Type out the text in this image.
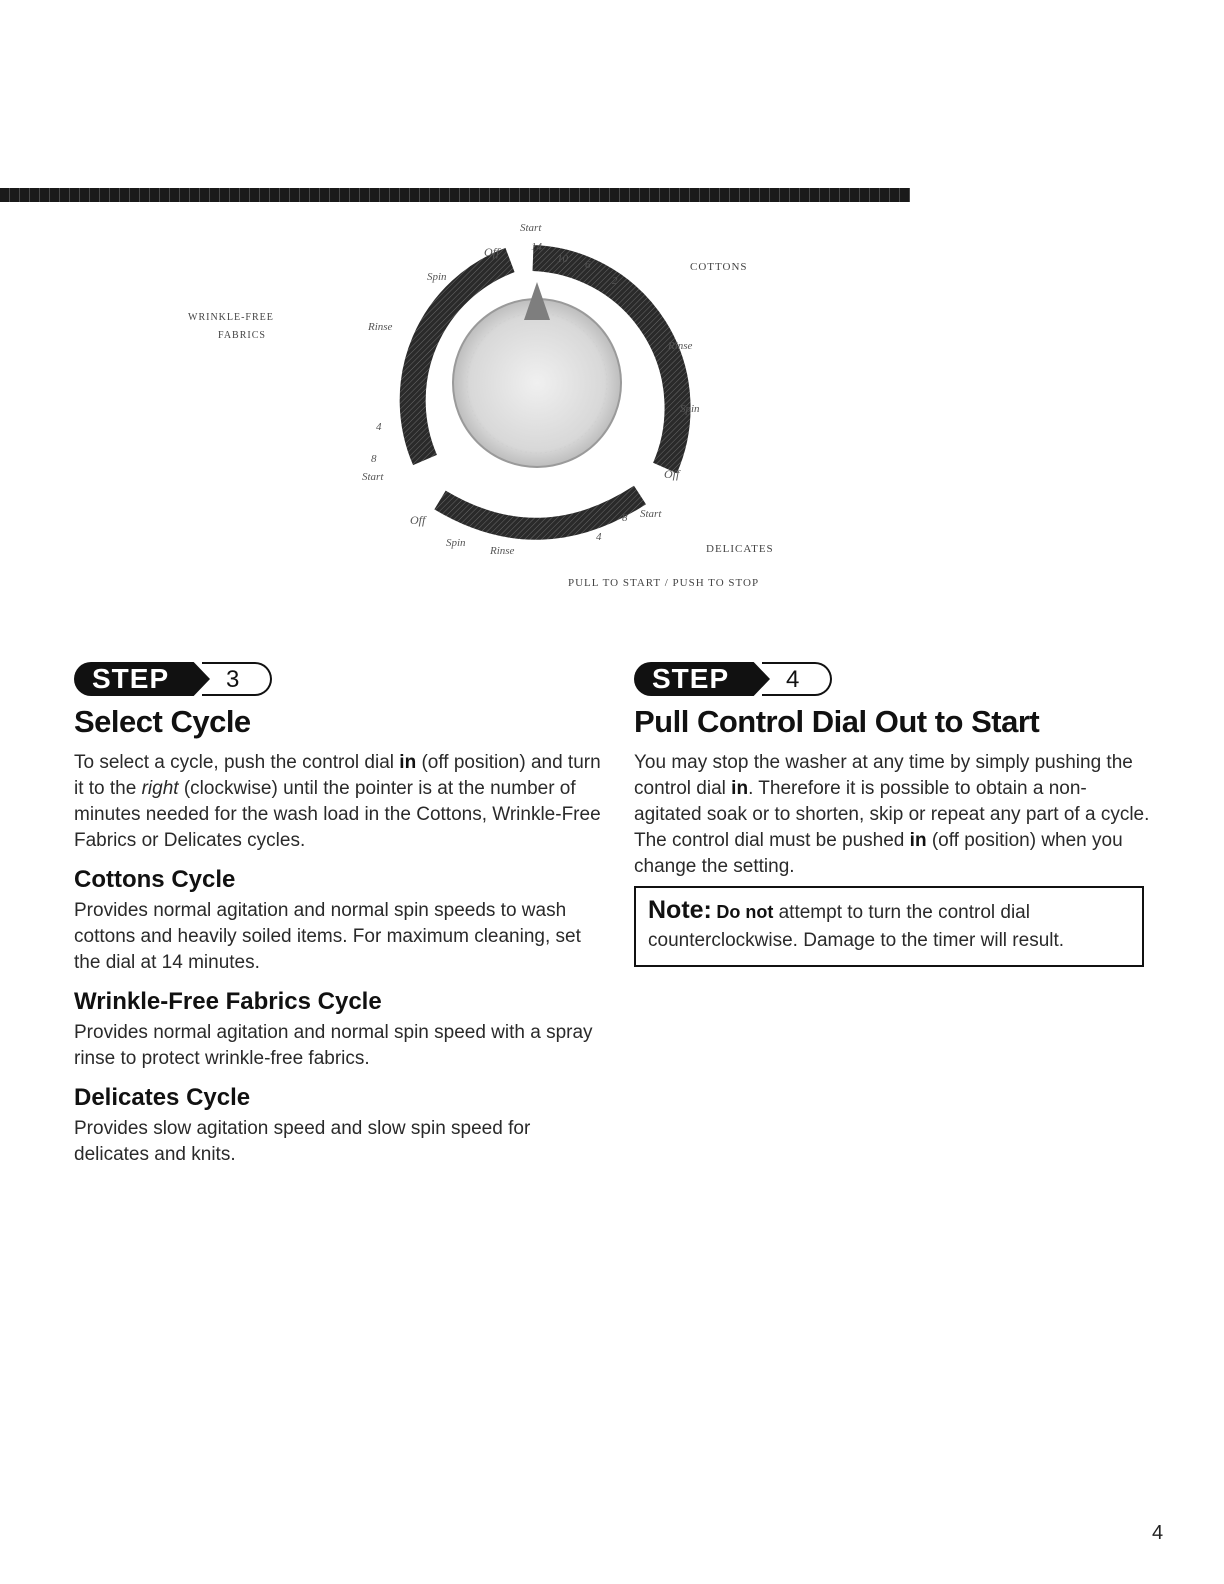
Start
14
10 6
2
COTTONS
Rinse
Spin
Off
WRINKLE-FREE
FABRICS
Off
Spin
Rinse
4
8
Start
Off
Spin
Rinse
4
8 Start
DELICATES
PULL TO START / PUSH TO STOP
STEP 3
Select Cycle

To select a cycle, push the control dial in (off position) and turn it to the right (clockwise) until the pointer is at the number of minutes needed for the wash load in the Cottons, Wrinkle-Free Fabrics or Delicates cycles.

Cottons Cycle

Provides normal agitation and normal spin speeds to wash cottons and heavily soiled items. For maximum cleaning, set the dial at 14 minutes.

Wrinkle-Free Fabrics Cycle

Provides normal agitation and normal spin speed with a spray rinse to protect wrinkle-free fabrics.

Delicates Cycle

Provides slow agitation speed and slow spin speed for delicates and knits.

STEP 4
Pull Control Dial Out to Start

You may stop the washer at any time by simply pushing the control dial in. Therefore it is possible to obtain a non-agitated soak or to shorten, skip or repeat any part of a cycle. The control dial must be pushed in (off position) when you change the setting.

Note: Do not attempt to turn the control dial counterclockwise. Damage to the timer will result.
4
